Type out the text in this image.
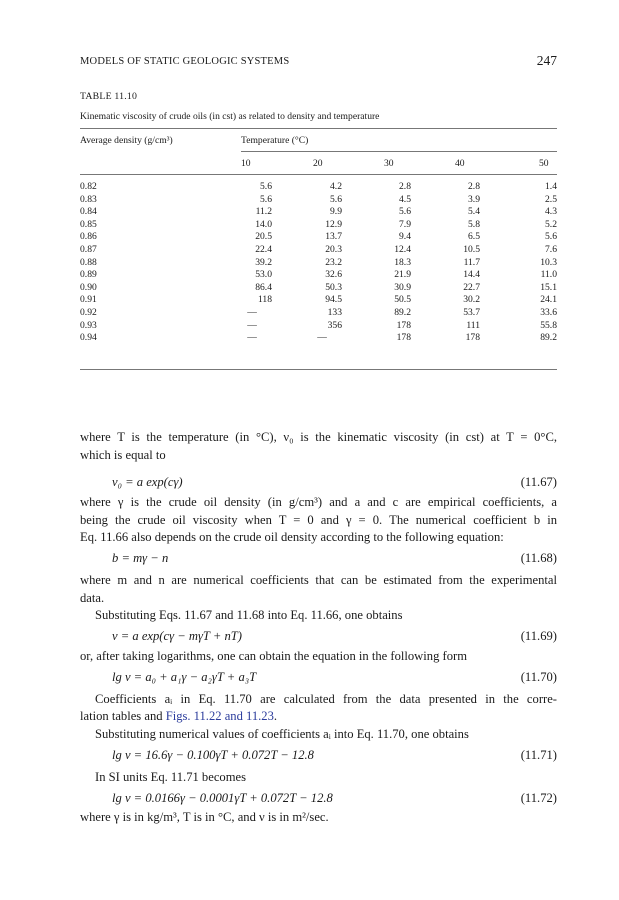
MODELS OF STATIC GEOLOGIC SYSTEMS	247
TABLE 11.10
Kinematic viscosity of crude oils (in cst) as related to density and temperature
Average density (g/cm³)	Temperature (°C)
10	20	30	40	50
0.82	5.6	4.2	2.8	2.8	1.4
0.83	5.6	5.6	4.5	3.9	2.5
0.84	11.2	9.9	5.6	5.4	4.3
0.85	14.0	12.9	7.9	5.8	5.2
0.86	20.5	13.7	9.4	6.5	5.6
0.87	22.4	20.3	12.4	10.5	7.6
0.88	39.2	23.2	18.3	11.7	10.3
0.89	53.0	32.6	21.9	14.4	11.0
0.90	86.4	50.3	30.9	22.7	15.1
0.91	118	94.5	50.5	30.2	24.1
0.92	—	133	89.2	53.7	33.6
0.93	—	356	178	111	55.8
0.94	—	—	178	178	89.2
where T is the temperature (in °C), ν₀ is the kinematic viscosity (in cst) at T = 0°C,
which is equal to
ν₀ = a exp(cγ)	(11.67)
where γ is the crude oil density (in g/cm³) and a and c are empirical coefficients, a
being the crude oil viscosity when T = 0 and γ = 0. The numerical coefficient b in
Eq. 11.66 also depends on the crude oil density according to the following equation:
b = mγ − n	(11.68)
where m and n are numerical coefficients that can be estimated from the experimental
data.
Substituting Eqs. 11.67 and 11.68 into Eq. 11.66, one obtains
ν = a exp(cγ − mγT + nT)	(11.69)
or, after taking logarithms, one can obtain the equation in the following form
lg ν = a₀ + a₁γ − a₂γT + a₃T	(11.70)
Coefficients aᵢ in Eq. 11.70 are calculated from the data presented in the corre-
lation tables and Figs. 11.22 and 11.23.
Substituting numerical values of coefficients aᵢ into Eq. 11.70, one obtains
lg ν = 16.6γ − 0.100γT + 0.072T − 12.8	(11.71)
In SI units Eq. 11.71 becomes
lg ν = 0.0166γ − 0.0001γT + 0.072T − 12.8	(11.72)
where γ is in kg/m³, T is in °C, and ν is in m²/sec.
